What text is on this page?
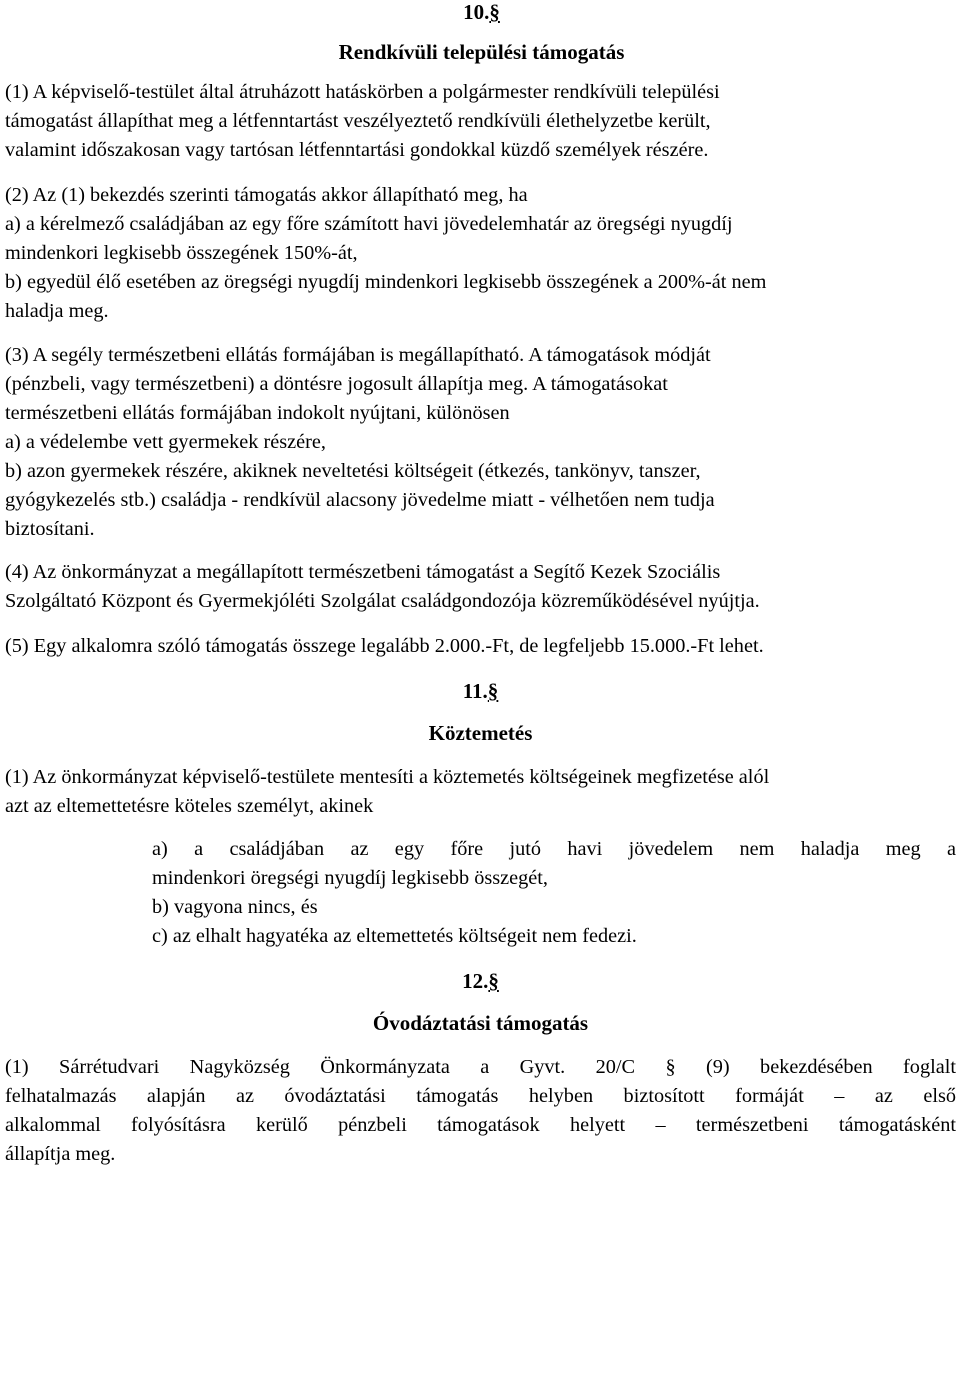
10.§
Rendkívüli települési támogatás
(1) A képviselő-testület által átruházott hatáskörben a polgármester rendkívüli települési
támogatást állapíthat meg a létfenntartást veszélyeztető rendkívüli élethelyzetbe került,
valamint időszakosan vagy tartósan létfenntartási gondokkal küzdő személyek részére.
(2) Az (1) bekezdés szerinti támogatás akkor állapítható meg, ha
a) a kérelmező családjában az egy főre számított havi jövedelemhatár az öregségi nyugdíj
mindenkori legkisebb összegének 150%-át,
b) egyedül élő esetében az öregségi nyugdíj mindenkori legkisebb összegének a 200%-át nem
haladja meg.
(3) A segély természetbeni ellátás formájában is megállapítható. A támogatások módját
(pénzbeli, vagy természetbeni) a döntésre jogosult állapítja meg. A támogatásokat
természetbeni ellátás formájában indokolt nyújtani, különösen
a) a védelembe vett gyermekek részére,
b) azon gyermekek részére, akiknek neveltetési költségeit (étkezés, tankönyv, tanszer,
gyógykezelés stb.) családja - rendkívül alacsony jövedelme miatt - vélhetően nem tudja
biztosítani.
(4) Az önkormányzat a megállapított természetbeni támogatást a Segítő Kezek Szociális
Szolgáltató Központ és Gyermekjóléti Szolgálat családgondozója közreműködésével nyújtja.
(5) Egy alkalomra szóló támogatás összege legalább 2.000.-Ft, de legfeljebb 15.000.-Ft lehet.
11.§
Köztemetés
(1) Az önkormányzat képviselő-testülete mentesíti a köztemetés költségeinek megfizetése alól
azt az eltemettetésre köteles személyt, akinek
a) a családjában az egy főre jutó havi jövedelem nem haladja meg a
mindenkori öregségi nyugdíj legkisebb összegét,
b) vagyona nincs, és
c) az elhalt hagyatéka az eltemettetés költségeit nem fedezi.
12.§
Óvodáztatási támogatás
(1) Sárrétudvari Nagyközség Önkormányzata a Gyvt. 20/C § (9) bekezdésében foglalt
felhatalmazás alapján az óvodáztatási támogatás helyben biztosított formáját – az első
alkalommal folyósításra kerülő pénzbeli támogatások helyett – természetbeni támogatásként
állapítja meg.
